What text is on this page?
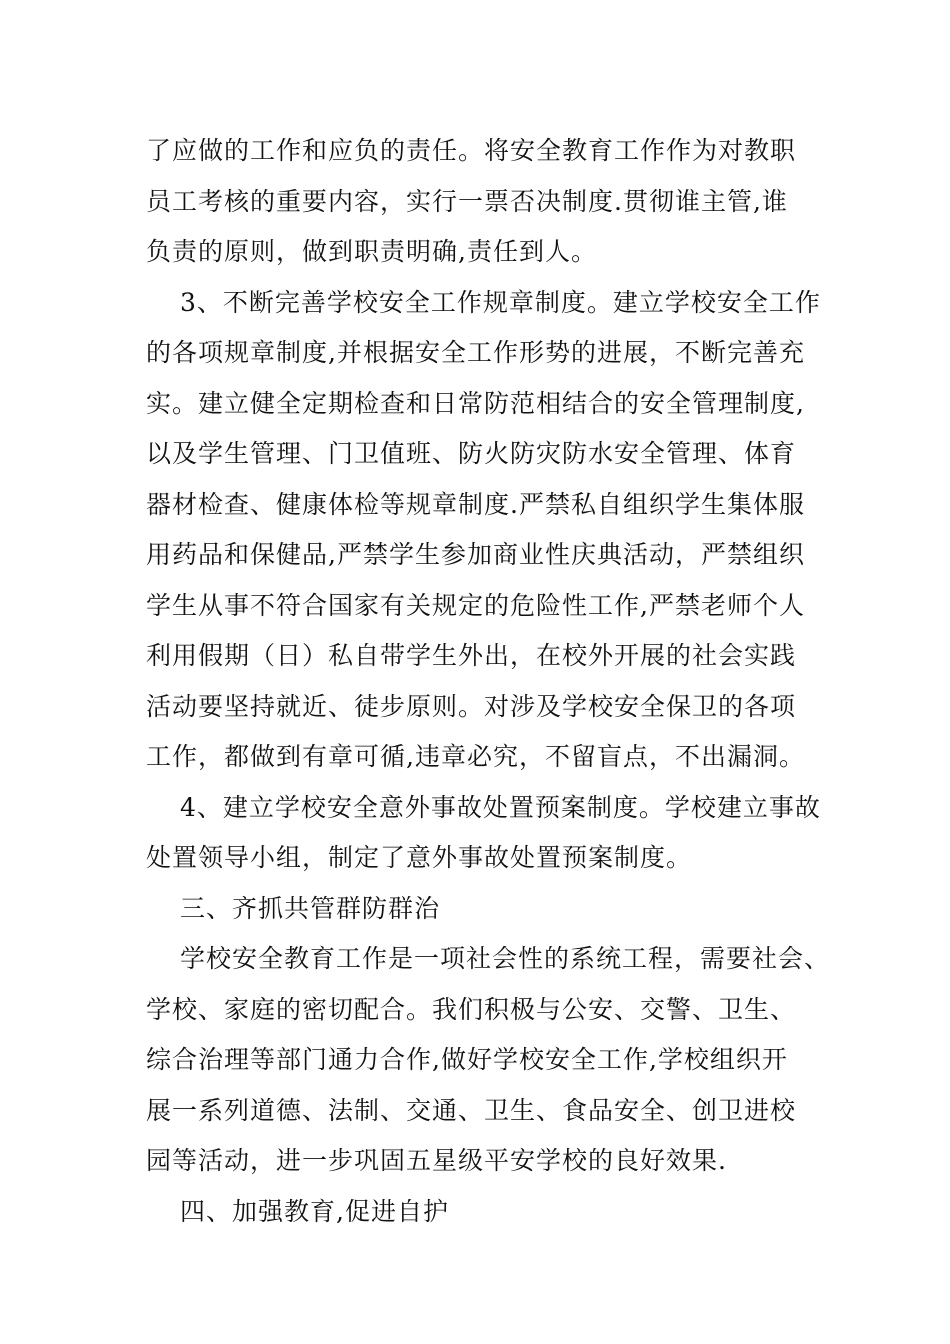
了应做的工作和应负的责任。将安全教育工作作为对教职
员工考核的重要内容，实行一票否决制度.贯彻谁主管,谁
负责的原则，做到职责明确,责任到人。
3、不断完善学校安全工作规章制度。建立学校安全工作
的各项规章制度,并根据安全工作形势的进展，不断完善充
实。建立健全定期检查和日常防范相结合的安全管理制度,
以及学生管理、门卫值班、防火防灾防水安全管理、体育
器材检查、健康体检等规章制度.严禁私自组织学生集体服
用药品和保健品,严禁学生参加商业性庆典活动，严禁组织
学生从事不符合国家有关规定的危险性工作,严禁老师个人
利用假期（日）私自带学生外出，在校外开展的社会实践
活动要坚持就近、徒步原则。对涉及学校安全保卫的各项
工作，都做到有章可循,违章必究，不留盲点，不出漏洞。
4、建立学校安全意外事故处置预案制度。学校建立事故
处置领导小组，制定了意外事故处置预案制度。
三、齐抓共管群防群治
学校安全教育工作是一项社会性的系统工程，需要社会、
学校、家庭的密切配合。我们积极与公安、交警、卫生、
综合治理等部门通力合作,做好学校安全工作,学校组织开
展一系列道德、法制、交通、卫生、食品安全、创卫进校
园等活动，进一步巩固五星级平安学校的良好效果.
四、加强教育,促进自护
